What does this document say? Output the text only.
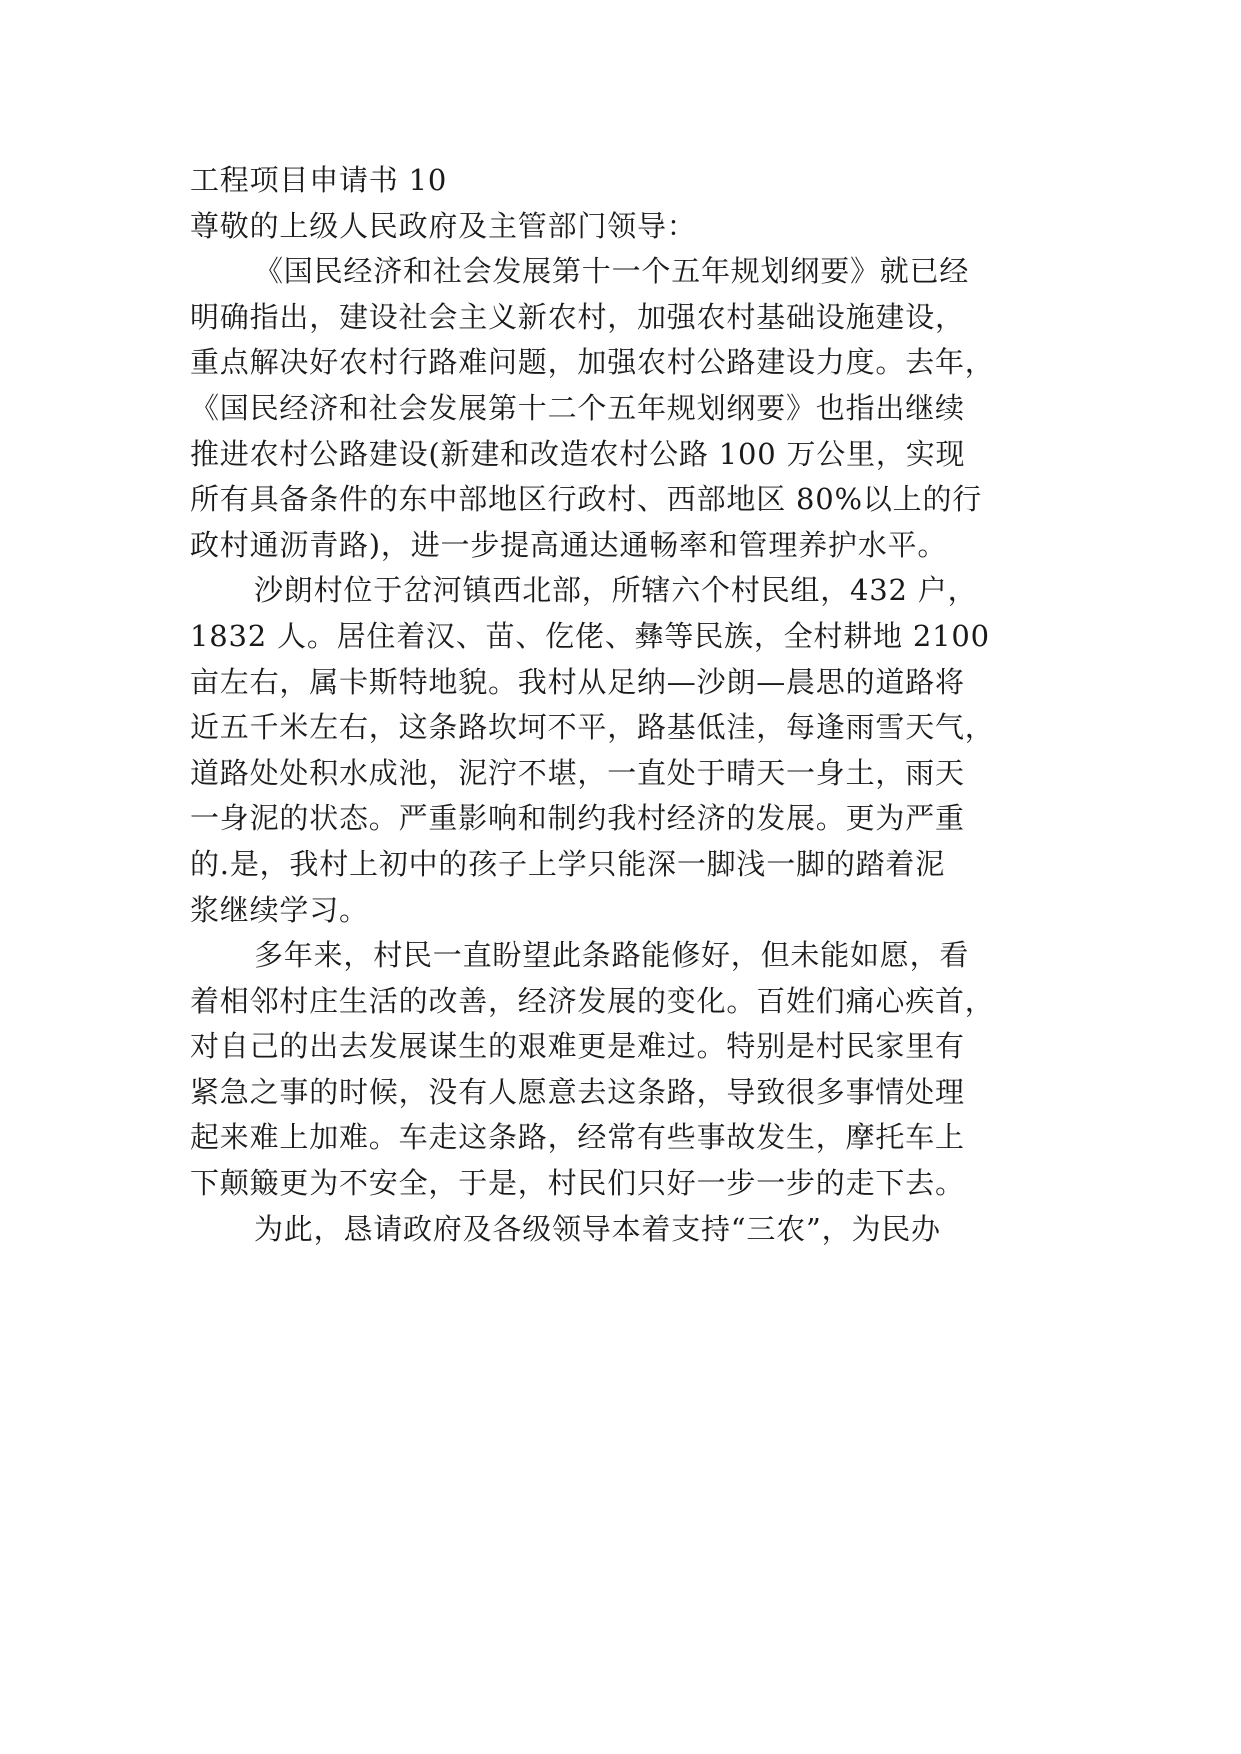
工程项目申请书 10
尊敬的上级人民政府及主管部门领导：
《国民经济和社会发展第十一个五年规划纲要》就已经
明确指出，建设社会主义新农村，加强农村基础设施建设，
重点解决好农村行路难问题，加强农村公路建设力度。去年，
《国民经济和社会发展第十二个五年规划纲要》也指出继续
推进农村公路建设(新建和改造农村公路 100 万公里，实现
所有具备条件的东中部地区行政村、西部地区 80%以上的行
政村通沥青路)，进一步提高通达通畅率和管理养护水平。
沙朗村位于岔河镇西北部，所辖六个村民组，432 户，
1832 人。居住着汉、苗、仡佬、彝等民族，全村耕地 2100
亩左右，属卡斯特地貌。我村从足纳—沙朗—晨思的道路将
近五千米左右，这条路坎坷不平，路基低洼，每逢雨雪天气，
道路处处积水成池，泥泞不堪，一直处于晴天一身土，雨天
一身泥的状态。严重影响和制约我村经济的发展。更为严重
的.是，我村上初中的孩子上学只能深一脚浅一脚的踏着泥
浆继续学习。
多年来，村民一直盼望此条路能修好，但未能如愿，看
着相邻村庄生活的改善，经济发展的变化。百姓们痛心疾首，
对自己的出去发展谋生的艰难更是难过。特别是村民家里有
紧急之事的时候，没有人愿意去这条路，导致很多事情处理
起来难上加难。车走这条路，经常有些事故发生，摩托车上
下颠簸更为不安全，于是，村民们只好一步一步的走下去。
为此，恳请政府及各级领导本着支持“三农”，为民办
